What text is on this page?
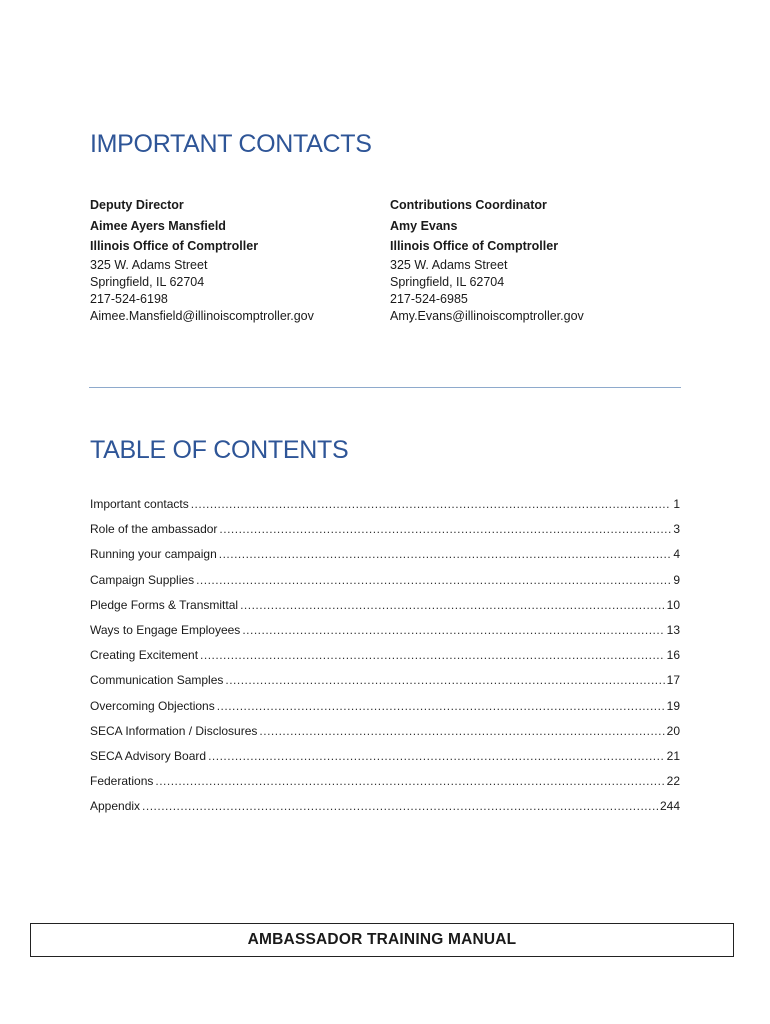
IMPORTANT CONTACTS
Deputy Director
Aimee Ayers Mansfield
Illinois Office of Comptroller
325 W. Adams Street
Springfield, IL 62704
217-524-6198
Aimee.Mansfield@illinoiscomptroller.gov
Contributions Coordinator
Amy Evans
Illinois Office of Comptroller
325 W. Adams Street
Springfield, IL 62704
217-524-6985
Amy.Evans@illinoiscomptroller.gov
TABLE OF CONTENTS
Important contacts .....	1
Role of the ambassador .....	3
Running your campaign .....	4
Campaign Supplies .....	9
Pledge Forms & Transmittal .....	10
Ways to Engage Employees .....	13
Creating Excitement .....	16
Communication Samples .....	17
Overcoming Objections .....	19
SECA Information / Disclosures .....	20
SECA Advisory Board .....	21
Federations .....	22
Appendix .....	244
AMBASSADOR TRAINING MANUAL
